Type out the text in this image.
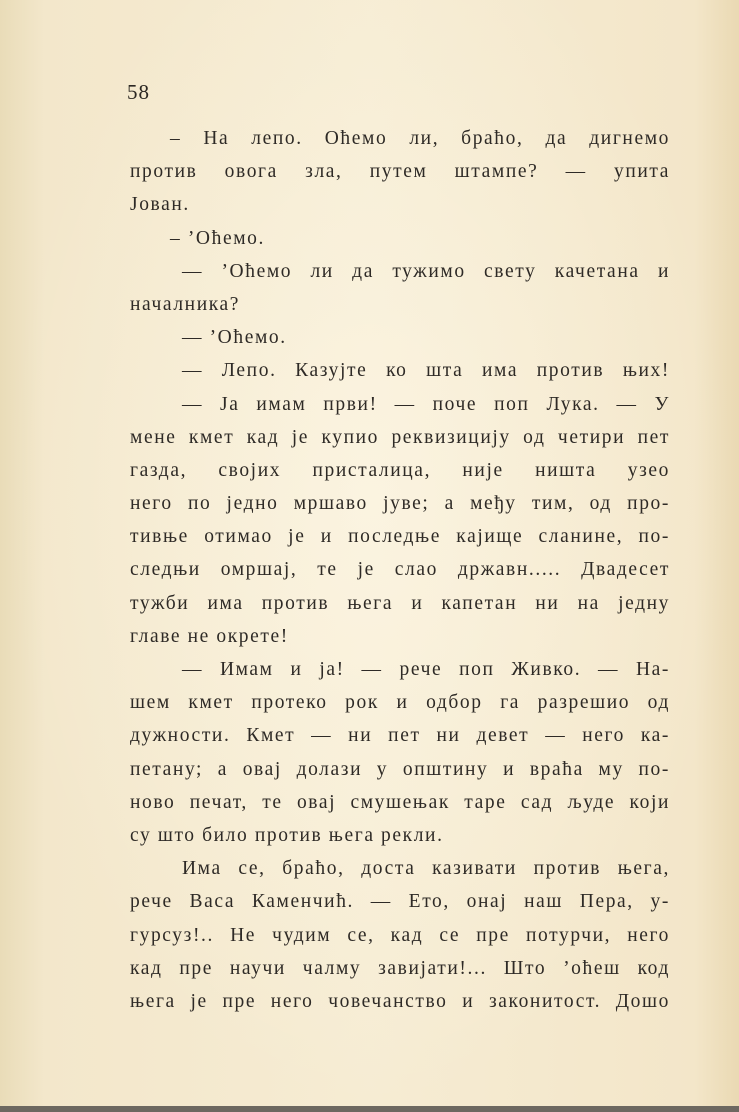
58
– На лепо. Оћемо ли, браћо, да дигнемо
против овога зла, путем штампе? — упита
Јован.
– ’Оћемо.
— ’Оћемо ли да тужимо свету качетана и
началника?
— ’Оћемо.
— Лепо. Казујте ко шта има против њих!
— Ја имам први! — поче поп Лука. — У
мене кмет кад је купио реквизицију од четири пет
газда, својих присталица, није ништа узео
него по једно мршаво јуве; а међу тим, од про-
тивње отимао је и последње кајище сланине, по-
следњи омршај, те је слао државн..... Двадесет
тужби има против њега и капетан ни на једну
главе не окрете!
— Имам и ја! — рече поп Живко. — На-
шем кмет протеко рок и одбор га разрешио од
дужности. Кмет — ни пет ни девет — него ка-
петану; а овај долази у општину и враћа му по-
ново печат, те овај смушењак таре сад људе који
су што било против њега рекли.
Има се, браћо, доста казивати против њега,
рече Васа Каменчић. — Ето, онај наш Пера, у-
гурсуз!.. Не чудим се, кад се пре потурчи, него
кад пре научи чалму завијати!... Што ’оћеш код
њега је пре него човечанство и законитост. Дошо
